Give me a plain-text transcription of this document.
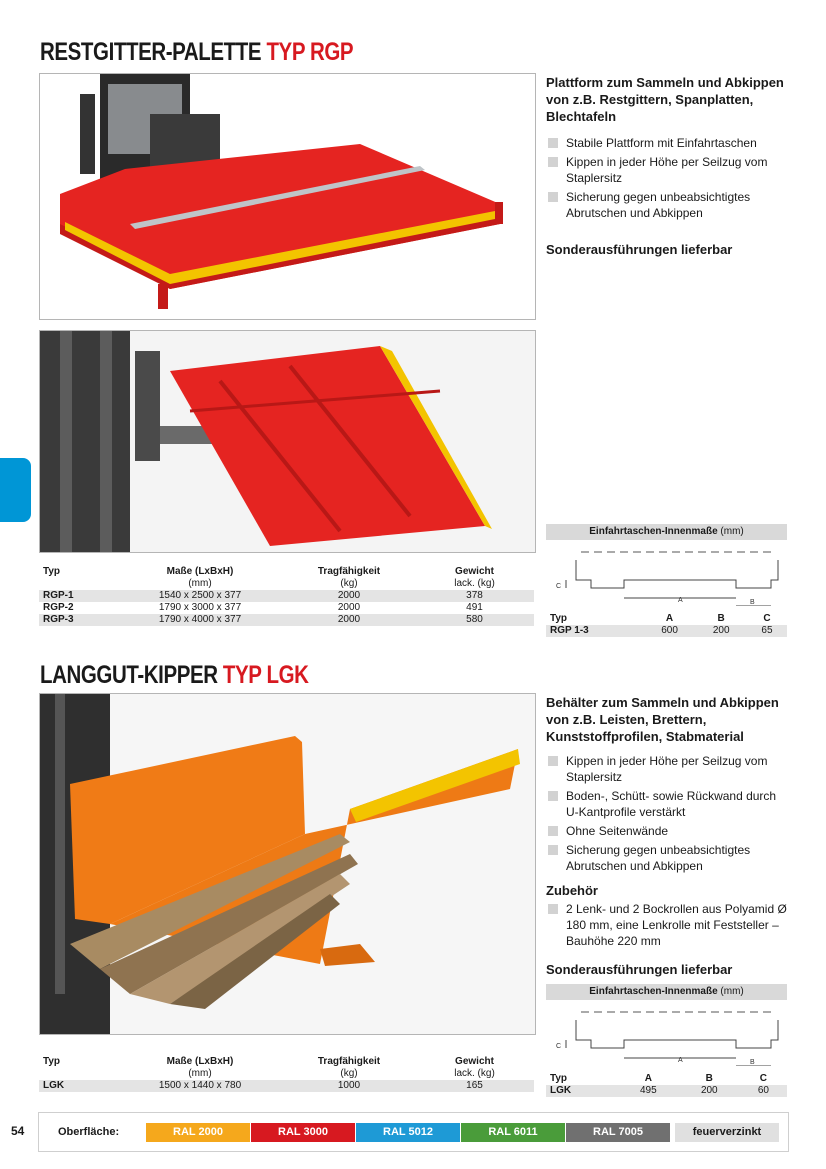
RESTGITTER-PALETTE TYP RGP
Plattform zum Sammeln und Abkippen von z.B. Restgittern, Spanplatten, Blechtafeln
Stabile Plattform mit Einfahrtaschen
Kippen in jeder Höhe per Seilzug vom Staplersitz
Sicherung gegen unbeabsichtigtes Abrutschen und Abkippen
Sonderausführungen lieferbar
Typ	Maße (LxBxH)	Tragfähigkeit	Gewicht
	(mm)	(kg)	lack. (kg)
RGP-1	1540 x 2500 x 377	2000	378
RGP-2	1790 x 3000 x 377	2000	491
RGP-3	1790 x 4000 x 377	2000	580
Einfahrtaschen-Innenmaße (mm)
C
A	B
Typ	A	B	C
RGP 1-3	600	200	65
LANGGUT-KIPPER TYP LGK
Behälter zum Sammeln und Abkippen von z.B. Leisten, Brettern, Kunststoffprofilen, Stabmaterial
Kippen in jeder Höhe per Seilzug vom Staplersitz
Boden-, Schütt- sowie Rückwand durch U-Kantprofile verstärkt
Ohne Seitenwände
Sicherung gegen unbeabsichtigtes Abrutschen und Abkippen
Zubehör
2 Lenk- und 2 Bockrollen aus Polyamid Ø 180 mm, eine Lenkrolle mit Feststeller – Bauhöhe 220 mm
Sonderausführungen lieferbar
Einfahrtaschen-Innenmaße (mm)
C
A	B
Typ	A	B	C
LGK	495	200	60
Typ	Maße (LxBxH)	Tragfähigkeit	Gewicht
	(mm)	(kg)	lack. (kg)
LGK	1500 x 1440 x 780	1000	165
54	Oberfläche:	RAL 2000	RAL 3000	RAL 5012	RAL 6011	RAL 7005	feuerverzinkt
